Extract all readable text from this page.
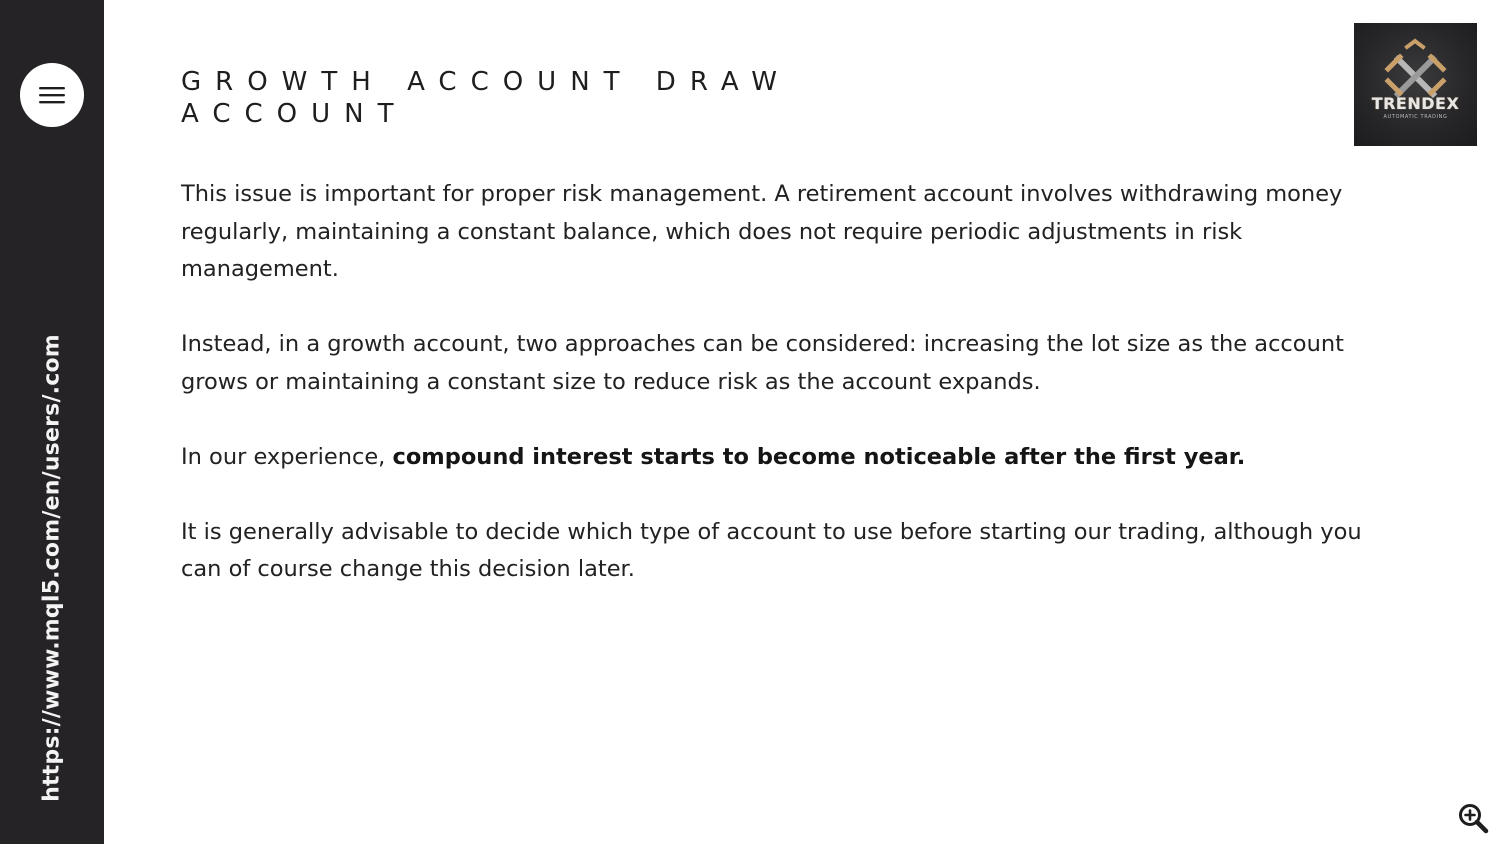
https://www.mql5.com/en/users/.com
GROWTH ACCOUNT DRAW ACCOUNT	TRENDEX
AUTOMATIC TRADING

This issue is important for proper risk management. A retirement account involves withdrawing money regularly, maintaining a constant balance, which does not require periodic adjustments in risk management.

Instead, in a growth account, two approaches can be considered: increasing the lot size as the account grows or maintaining a constant size to reduce risk as the account expands.

In our experience, compound interest starts to become noticeable after the first year.

It is generally advisable to decide which type of account to use before starting our trading, although you can of course change this decision later.
